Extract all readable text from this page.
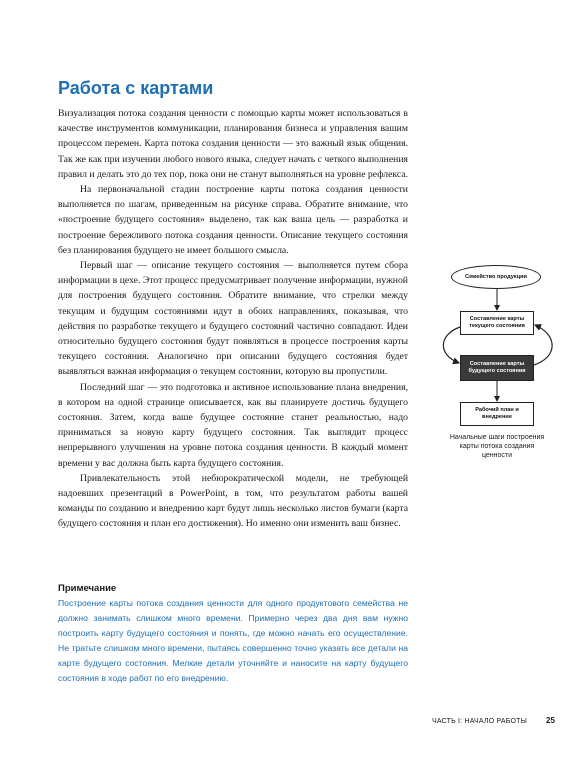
Работа с картами

Визуализация потока создания ценности с помощью карты может использоваться в качестве инструментов коммуникации, планирования бизнеса и управления вашим процессом перемен. Карта потока создания ценности — это важный язык общения. Так же как при изучении любого нового языка, следует начать с четкого выполнения правил и делать это до тех пор, пока они не станут выполняться на уровне рефлекса.

На первоначальной стадии построение карты потока создания ценности выполняется по шагам, приведенным на рисунке справа. Обратите внимание, что «построение будущего состояния» выделено, так как ваша цель — разработка и построение бережливого потока создания ценности. Описание текущего состояния без планирования будущего не имеет большого смысла.

Первый шаг — описание текущего состояния — выполняется путем сбора информации в цехе. Этот процесс предусматривает получение информации, нужной для построения будущего состояния. Обратите внимание, что стрелки между текущим и будущим состояниями идут в обоих направлениях, показывая, что действия по разработке текущего и будущего состояний частично совпадают. Идеи относительно будущего состояния будут появляться в процессе построения карты текущего состояния. Аналогично при описании будущего состояния будет выявляться важная информация о текущем состоянии, которую вы пропустили.

Последний шаг — это подготовка и активное использование плана внедрения, в котором на одной странице описывается, как вы планируете достичь будущего состояния. Затем, когда ваше будущее состояние станет реальностью, надо приниматься за новую карту будущего состояния. Так выглядит процесс непрерывного улучшения на уровне потока создания ценности. В каждый момент времени у вас должна быть карта будущего состояния.

Привлекательность этой небюрократической модели, не требующей надоевших презентаций в PowerPoint, в том, что результатом работы вашей команды по созданию и внедрению карт будут лишь несколько листов бумаги (карта будущего состояния и план его достижения). Но именно они изменить ваш бизнес.

Семейство продукции
Составление карты текущего состояния
Составление карты будущего состояния
Рабочий план и внедрение
Начальные шаги построения карты потока создания ценности
Примечание
Построение карты потока создания ценности для одного продуктового семейства не должно занимать слишком много времени. Примерно через два дня вам нужно построить карту будущего состояния и понять, где можно начать его осуществление. Не тратьте слишком много времени, пытаясь совершенно точно указать все детали на карте будущего состояния. Мелкие детали уточняйте и наносите на карту будущего состояния в ходе работ по его внедрению.
ЧАСТЬ I: НАЧАЛО РАБОТЫ 25
